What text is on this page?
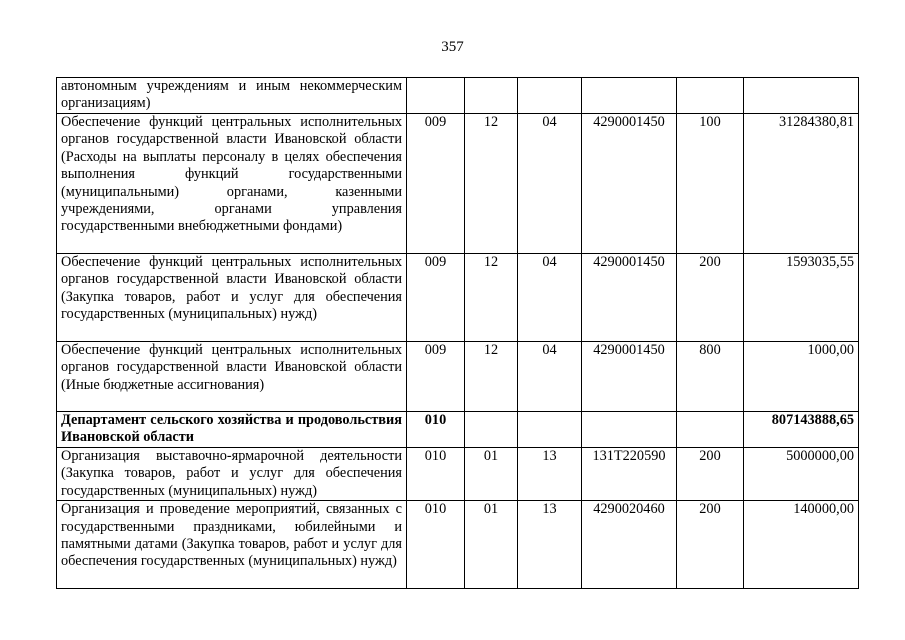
357
автономным учреждениям и иным некоммерческим организациям)						
Обеспечение функций центральных исполнительных органов государственной власти Ивановской области (Расходы на выплаты персоналу в целях обеспечения выполнения функций государственными (муниципальными) органами, казенными учреждениями, органами управления государственными внебюджетными фондами)	009	12	04	4290001450	100	31284380,81
Обеспечение функций центральных исполнительных органов государственной власти Ивановской области (Закупка товаров, работ и услуг для обеспечения государственных (муниципальных) нужд)	009	12	04	4290001450	200	1593035,55
Обеспечение функций центральных исполнительных органов государственной власти Ивановской области (Иные бюджетные ассигнования)	009	12	04	4290001450	800	1000,00
Департамент сельского хозяйства и продовольствия Ивановской области	010					807143888,65
Организация выставочно-ярмарочной деятельности (Закупка товаров, работ и услуг для обеспечения государственных (муниципальных) нужд)	010	01	13	131Т220590	200	5000000,00
Организация и проведение мероприятий, связанных с государственными праздниками, юбилейными и памятными датами (Закупка товаров, работ и услуг для обеспечения государственных (муниципальных) нужд)	010	01	13	4290020460	200	140000,00
